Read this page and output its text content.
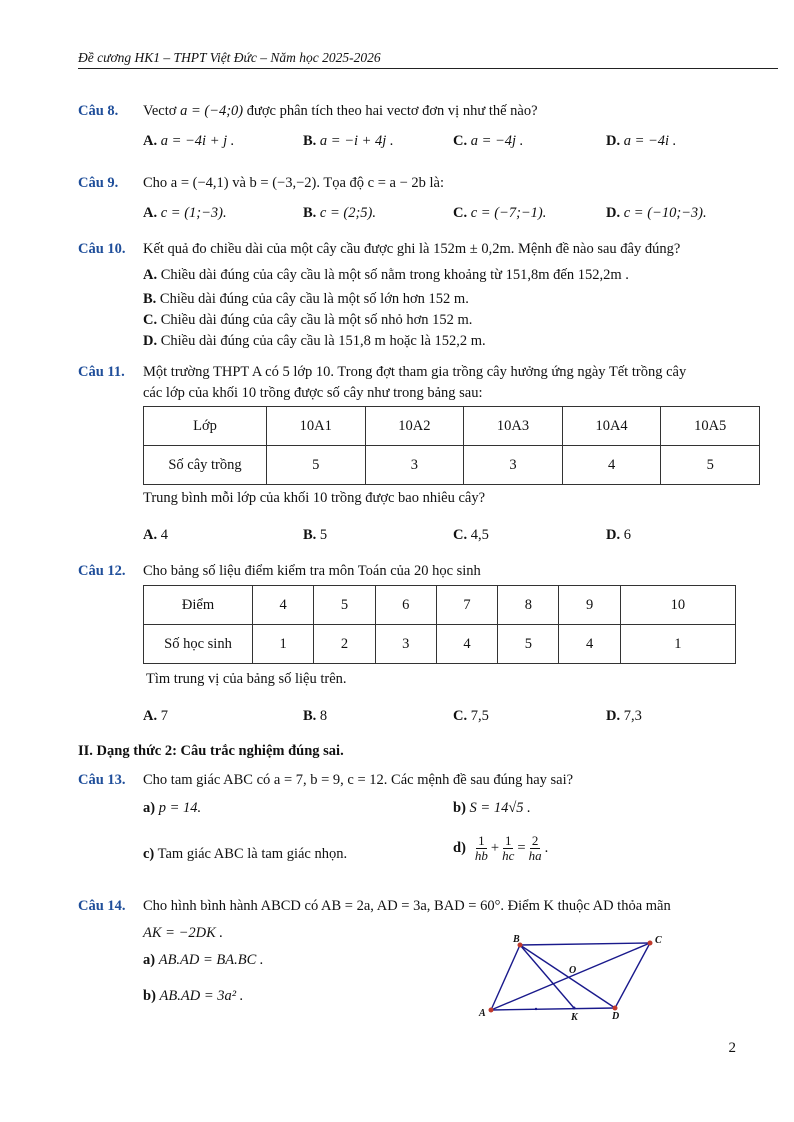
Đề cương HK1 – THPT Việt Đức – Năm học 2025-2026
Câu 8. Vectơ a = (−4;0) được phân tích theo hai vectơ đơn vị như thế nào?
A. a = −4i + j .	B. a = −i + 4j .	C. a = −4j .	D. a = −4i .
Câu 9. Cho a = (−4,1) và b = (−3,−2). Tọa độ c = a − 2b là:
A. c = (1;−3).	B. c = (2;5).	C. c = (−7;−1).	D. c = (−10;−3).
Câu 10. Kết quả đo chiều dài của một cây cầu được ghi là 152m ± 0,2m. Mệnh đề nào sau đây đúng?
A. Chiều dài đúng của cây cầu là một số nằm trong khoảng từ 151,8m đến 152,2m .
B. Chiều dài đúng của cây cầu là một số lớn hơn 152 m.
C. Chiều dài đúng của cây cầu là một số nhỏ hơn 152 m.
D. Chiều dài đúng của cây cầu là 151,8 m hoặc là 152,2 m.
Câu 11. Một trường THPT A có 5 lớp 10. Trong đợt tham gia trồng cây hưởng ứng ngày Tết trồng cây
các lớp của khối 10 trồng được số cây như trong bảng sau:
Lớp	10A1	10A2	10A3	10A4	10A5
Số cây trồng	5	3	3	4	5
Trung bình mỗi lớp của khối 10 trồng được bao nhiêu cây?
A. 4	B. 5	C. 4,5	D. 6
Câu 12. Cho bảng số liệu điểm kiểm tra môn Toán của 20 học sinh
Điểm	4	5	6	7	8	9	10
Số học sinh	1	2	3	4	5	4	1
Tìm trung vị của bảng số liệu trên.
A. 7	B. 8	C. 7,5	D. 7,3
II. Dạng thức 2: Câu trắc nghiệm đúng sai.
Câu 13. Cho tam giác ABC có a = 7, b = 9, c = 12. Các mệnh đề sau đúng hay sai?
a) p = 14.	b) S = 14√5 .
c) Tam giác ABC là tam giác nhọn.	$d) \frac{1}{hb} + \frac{1}{hc} = \frac{2}{ha}$ .
Câu 14. Cho hình bình hành ABCD có AB = 2a, AD = 3a, BAD = 60°. Điểm K thuộc AD thỏa mãn
AK = −2DK .
a) AB.AD = BA.BC .
b) AB.AD = 3a² .
A
B	C
D
K
O
2
